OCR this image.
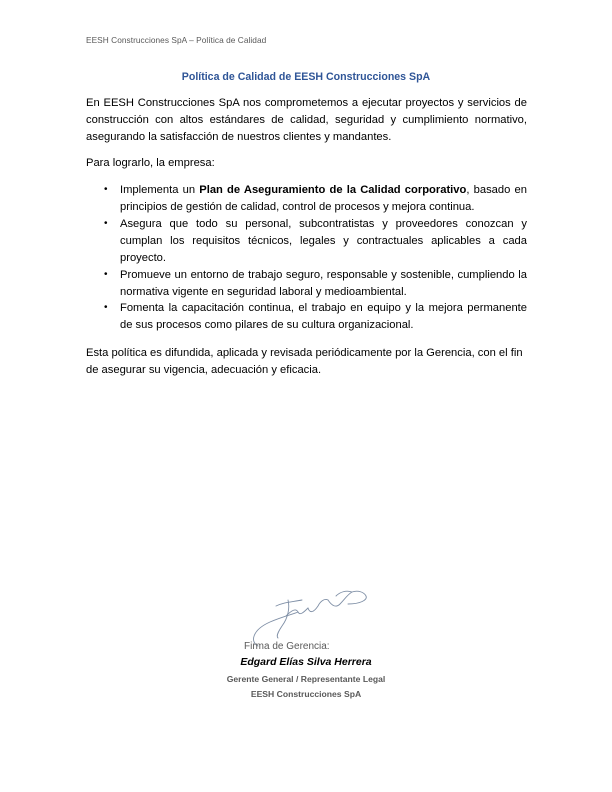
EESH Construcciones SpA – Política de Calidad
Política de Calidad de EESH Construcciones SpA

En EESH Construcciones SpA nos comprometemos a ejecutar proyectos y servicios de construcción con altos estándares de calidad, seguridad y cumplimiento normativo, asegurando la satisfacción de nuestros clientes y mandantes.

Para lograrlo, la empresa:

• Implementa un Plan de Aseguramiento de la Calidad corporativo, basado en principios de gestión de calidad, control de procesos y mejora continua.
• Asegura que todo su personal, subcontratistas y proveedores conozcan y cumplan los requisitos técnicos, legales y contractuales aplicables a cada proyecto.
• Promueve un entorno de trabajo seguro, responsable y sostenible, cumpliendo la normativa vigente en seguridad laboral y medioambiental.
• Fomenta la capacitación continua, el trabajo en equipo y la mejora permanente de sus procesos como pilares de su cultura organizacional.

Esta política es difundida, aplicada y revisada periódicamente por la Gerencia, con el fin de asegurar su vigencia, adecuación y eficacia.

Firma de Gerencia:
Edgard Elías Silva Herrera
Gerente General / Representante Legal
EESH Construcciones SpA
